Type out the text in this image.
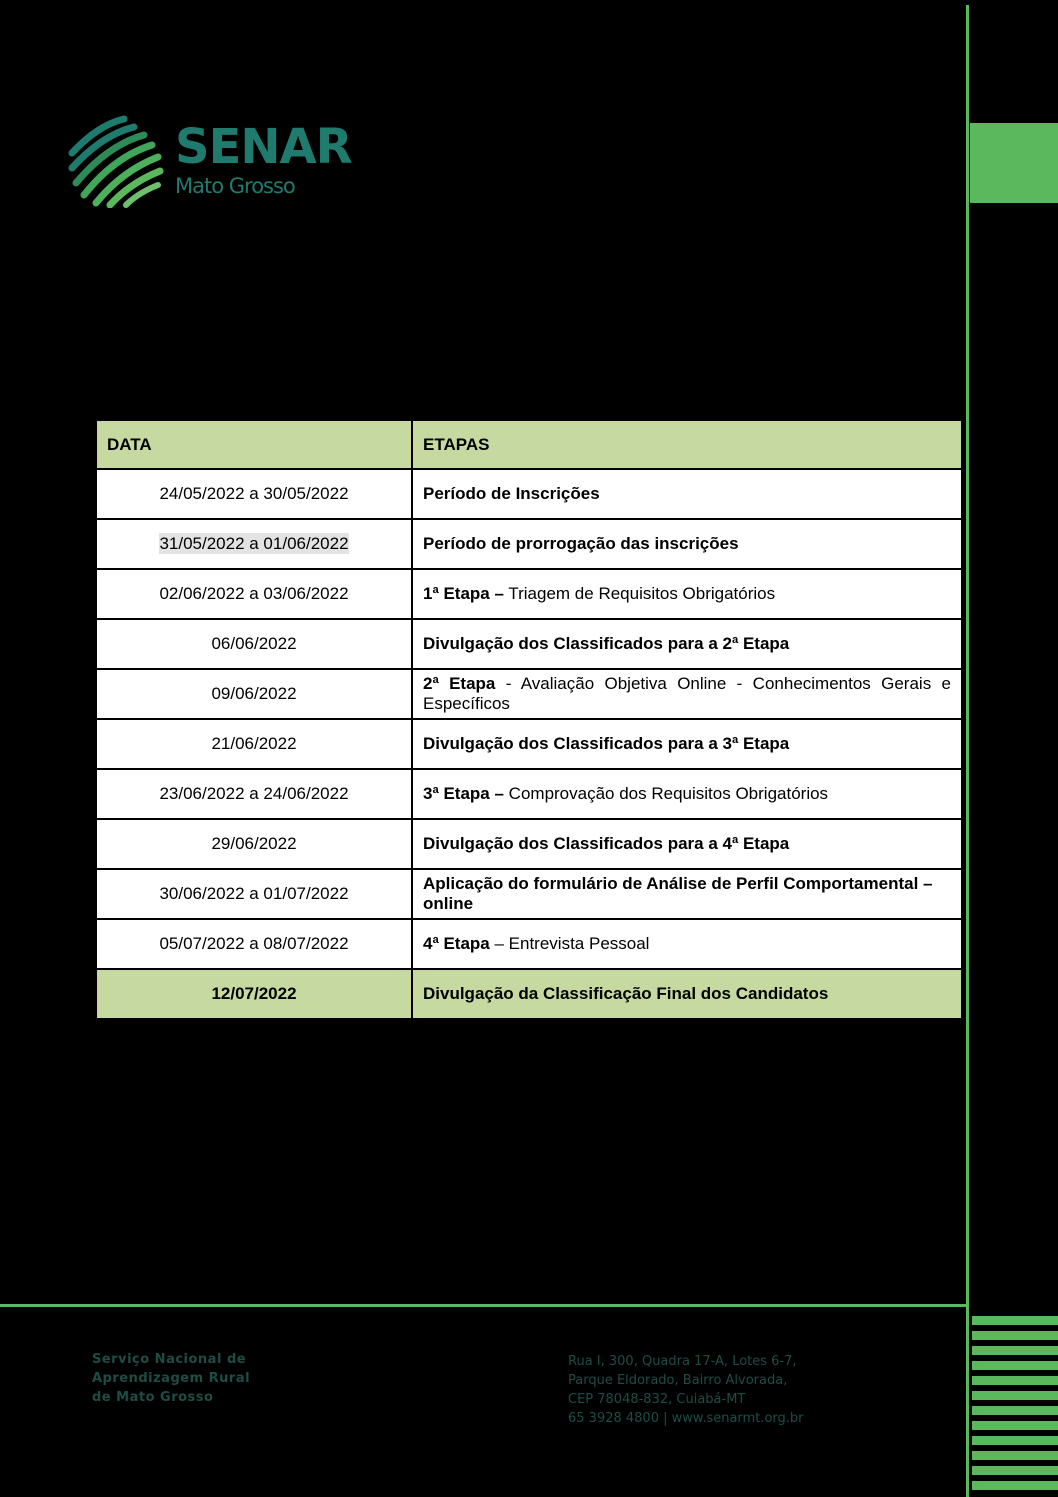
SENAR
Mato Grosso
DATA	ETAPAS
24/05/2022 a 30/05/2022	Período de Inscrições
31/05/2022 a 01/06/2022	Período de prorrogação das inscrições
02/06/2022 a 03/06/2022	1ª Etapa – Triagem de Requisitos Obrigatórios
06/06/2022	Divulgação dos Classificados para a 2ª Etapa
09/06/2022	2ª Etapa - Avaliação Objetiva Online - Conhecimentos Gerais e Específicos
21/06/2022	Divulgação dos Classificados para a 3ª Etapa
23/06/2022 a 24/06/2022	3ª Etapa – Comprovação dos Requisitos Obrigatórios
29/06/2022	Divulgação dos Classificados para a 4ª Etapa
30/06/2022 a 01/07/2022	Aplicação do formulário de Análise de Perfil Comportamental – online
05/07/2022 a 08/07/2022	4ª Etapa – Entrevista Pessoal
12/07/2022	Divulgação da Classificação Final dos Candidatos
Serviço Nacional de
Aprendizagem Rural
de Mato Grosso
Rua I, 300, Quadra 17-A, Lotes 6-7,
Parque Eldorado, Bairro Alvorada,
CEP 78048-832, Cuiabá-MT
65 3928 4800 | www.senarmt.org.br
